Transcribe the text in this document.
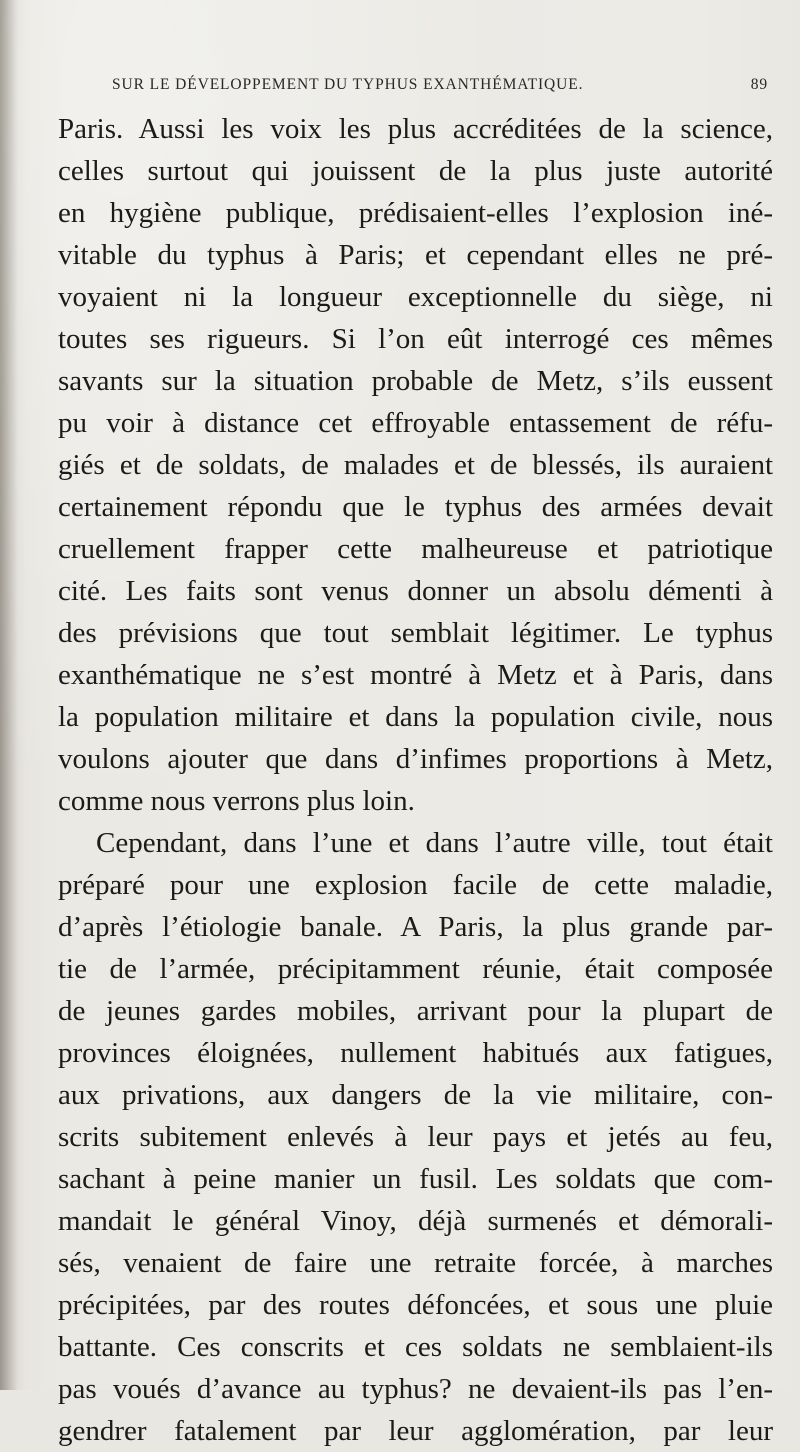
SUR LE DÉVELOPPEMENT DU TYPHUS EXANTHÉMATIQUE.	89
Paris. Aussi les voix les plus accréditées de la science,
celles surtout qui jouissent de la plus juste autorité
en hygiène publique, prédisaient-elles l’explosion iné-
vitable du typhus à Paris; et cependant elles ne pré-
voyaient ni la longueur exceptionnelle du siège, ni
toutes ses rigueurs. Si l’on eût interrogé ces mêmes
savants sur la situation probable de Metz, s’ils eussent
pu voir à distance cet effroyable entassement de réfu-
giés et de soldats, de malades et de blessés, ils auraient
certainement répondu que le typhus des armées devait
cruellement frapper cette malheureuse et patriotique
cité. Les faits sont venus donner un absolu démenti à
des prévisions que tout semblait légitimer. Le typhus
exanthématique ne s’est montré à Metz et à Paris, dans
la population militaire et dans la population civile, nous
voulons ajouter que dans d’infimes proportions à Metz,
comme nous verrons plus loin.
Cependant, dans l’une et dans l’autre ville, tout était
préparé pour une explosion facile de cette maladie,
d’après l’étiologie banale. A Paris, la plus grande par-
tie de l’armée, précipitamment réunie, était composée
de jeunes gardes mobiles, arrivant pour la plupart de
provinces éloignées, nullement habitués aux fatigues,
aux privations, aux dangers de la vie militaire, con-
scrits subitement enlevés à leur pays et jetés au feu,
sachant à peine manier un fusil. Les soldats que com-
mandait le général Vinoy, déjà surmenés et démorali-
sés, venaient de faire une retraite forcée, à marches
précipitées, par des routes défoncées, et sous une pluie
battante. Ces conscrits et ces soldats ne semblaient-ils
pas voués d’avance au typhus? ne devaient-ils pas l’en-
gendrer fatalement par leur agglomération, par leur
